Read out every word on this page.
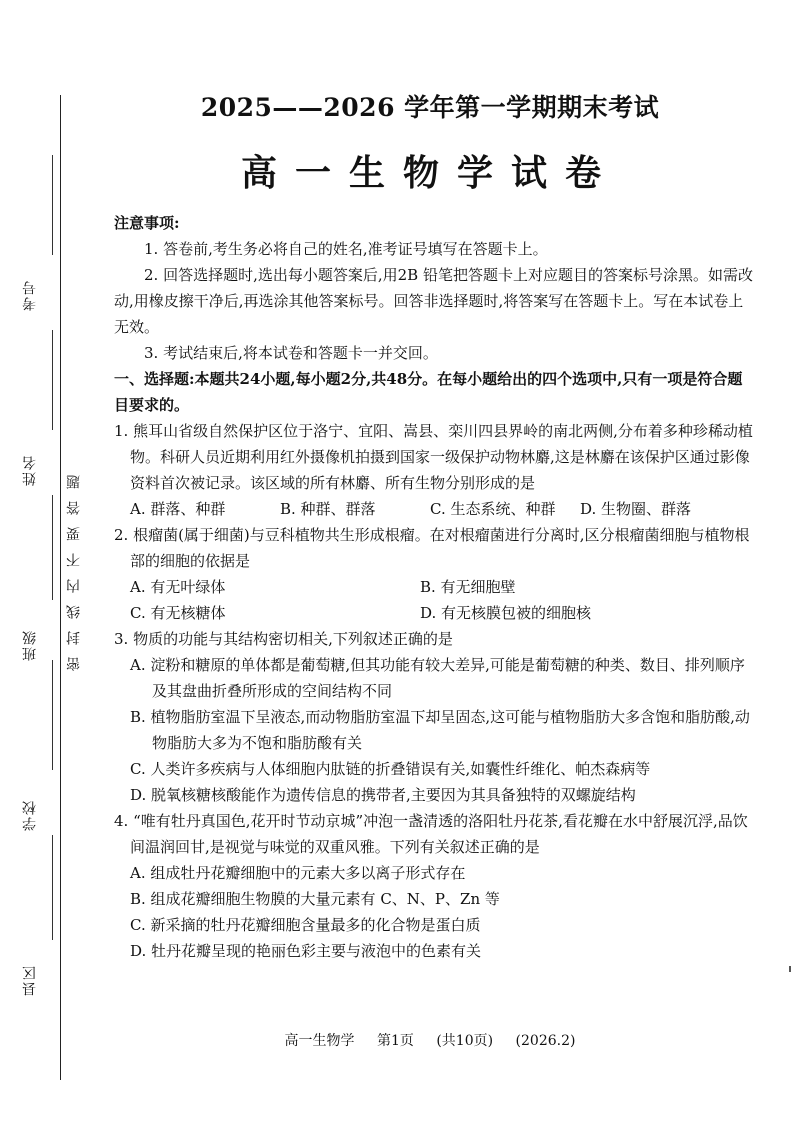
考号
姓名
班级
学校
县区
密封线内不要答题
2025——2026 学年第一学期期末考试
高一生物学试卷

注意事项:

1. 答卷前,考生务必将自己的姓名,准考证号填写在答题卡上。

2. 回答选择题时,选出每小题答案后,用2B 铅笔把答题卡上对应题目的答案标号涂黑。如需改动,用橡皮擦干净后,再选涂其他答案标号。回答非选择题时,将答案写在答题卡上。写在本试卷上无效。

3. 考试结束后,将本试卷和答题卡一并交回。

一、选择题:本题共24小题,每小题2分,共48分。在每小题给出的四个选项中,只有一项是符合题目要求的。

1. 熊耳山省级自然保护区位于洛宁、宜阳、嵩县、栾川四县界岭的南北两侧,分布着多种珍稀动植物。科研人员近期利用红外摄像机拍摄到国家一级保护动物林麝,这是林麝在该保护区通过影像资料首次被记录。该区域的所有林麝、所有生物分别形成的是

A. 群落、种群	B. 种群、群落	C. 生态系统、种群	D. 生物圈、群落

2. 根瘤菌(属于细菌)与豆科植物共生形成根瘤。在对根瘤菌进行分离时,区分根瘤菌细胞与植物根部的细胞的依据是

A. 有无叶绿体	B. 有无细胞壁
C. 有无核糖体	D. 有无核膜包被的细胞核

3. 物质的功能与其结构密切相关,下列叙述正确的是

A. 淀粉和糖原的单体都是葡萄糖,但其功能有较大差异,可能是葡萄糖的种类、数目、排列顺序及其盘曲折叠所形成的空间结构不同

B. 植物脂肪室温下呈液态,而动物脂肪室温下却呈固态,这可能与植物脂肪大多含饱和脂肪酸,动物脂肪大多为不饱和脂肪酸有关

C. 人类许多疾病与人体细胞内肽链的折叠错误有关,如囊性纤维化、帕杰森病等

D. 脱氧核糖核酸能作为遗传信息的携带者,主要因为其具备独特的双螺旋结构

4. “唯有牡丹真国色,花开时节动京城”冲泡一盏清透的洛阳牡丹花茶,看花瓣在水中舒展沉浮,品饮间温润回甘,是视觉与味觉的双重风雅。下列有关叙述正确的是

A. 组成牡丹花瓣细胞中的元素大多以离子形式存在

B. 组成花瓣细胞生物膜的大量元素有 C、N、P、Zn 等

C. 新采摘的牡丹花瓣细胞含量最多的化合物是蛋白质

D. 牡丹花瓣呈现的艳丽色彩主要与液泡中的色素有关

高一生物学 第1页 (共10页) (2026.2)
